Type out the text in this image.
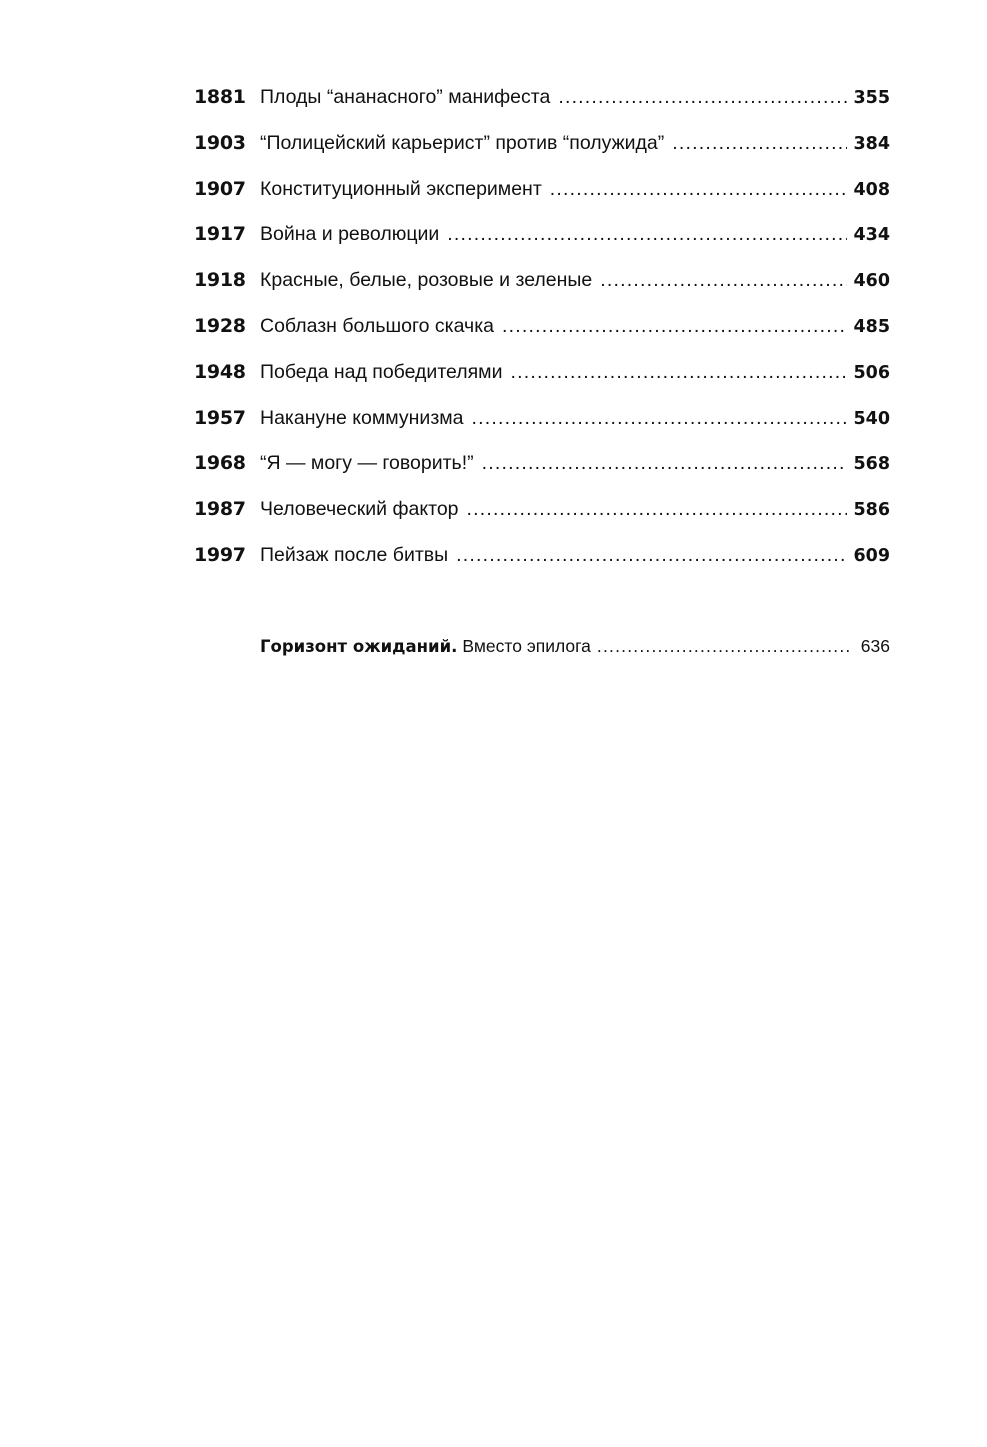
1881 Плоды “ананасного” манифеста .....	355
1903 “Полицейский карьерист” против “полужида” .....	384
1907 Конституционный эксперимент .....	408
1917 Война и революции .....	434
1918 Красные, белые, розовые и зеленые .....	460
1928 Соблазн большого скачка .....	485
1948 Победа над победителями .....	506
1957 Накануне коммунизма .....	540
1968 “Я — могу — говорить!” .....	568
1987 Человеческий фактор .....	586
1997 Пейзаж после битвы .....	609
Горизонт ожиданий. Вместо эпилога .....	636
